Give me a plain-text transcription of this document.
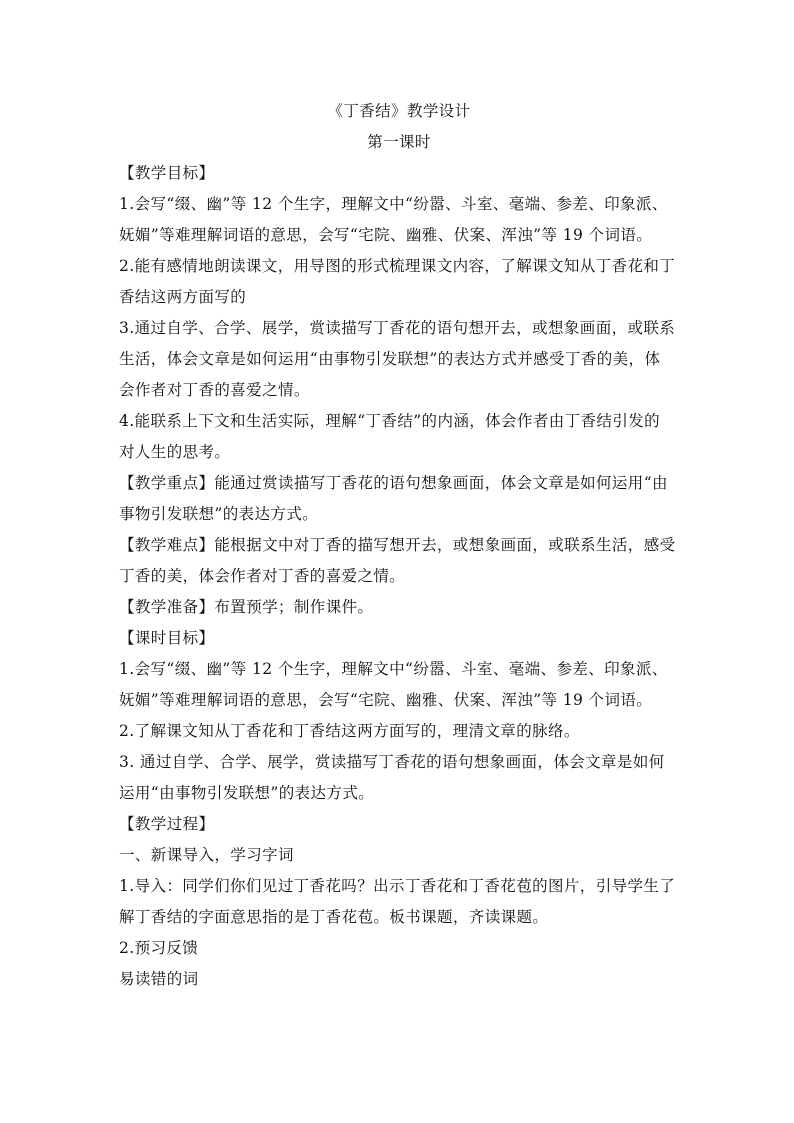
《丁香结》教学设计
第一课时
【教学目标】
1.会写“缀、幽”等 12 个生字，理解文中“纷嚣、斗室、毫端、参差、印象派、
妩媚”等难理解词语的意思，会写“宅院、幽雅、伏案、浑浊”等 19 个词语。
2.能有感情地朗读课文，用导图的形式梳理课文内容，了解课文知从丁香花和丁
香结这两方面写的
3.通过自学、合学、展学，赏读描写丁香花的语句想开去，或想象画面，或联系
生活，体会文章是如何运用“由事物引发联想”的表达方式并感受丁香的美，体
会作者对丁香的喜爱之情。
4.能联系上下文和生活实际，理解“丁香结”的内涵，体会作者由丁香结引发的
对人生的思考。
【教学重点】能通过赏读描写丁香花的语句想象画面，体会文章是如何运用“由
事物引发联想”的表达方式。
【教学难点】能根据文中对丁香的描写想开去，或想象画面，或联系生活，感受
丁香的美，体会作者对丁香的喜爱之情。
【教学准备】布置预学；制作课件。
【课时目标】
1.会写“缀、幽”等 12 个生字，理解文中“纷嚣、斗室、毫端、参差、印象派、
妩媚”等难理解词语的意思，会写“宅院、幽雅、伏案、浑浊”等 19 个词语。
2.了解课文知从丁香花和丁香结这两方面写的，理清文章的脉络。
3. 通过自学、合学、展学，赏读描写丁香花的语句想象画面，体会文章是如何
运用“由事物引发联想”的表达方式。
【教学过程】
一、新课导入，学习字词
1.导入：同学们你们见过丁香花吗？出示丁香花和丁香花苞的图片，引导学生了
解丁香结的字面意思指的是丁香花苞。板书课题，齐读课题。
2.预习反馈
易读错的词
